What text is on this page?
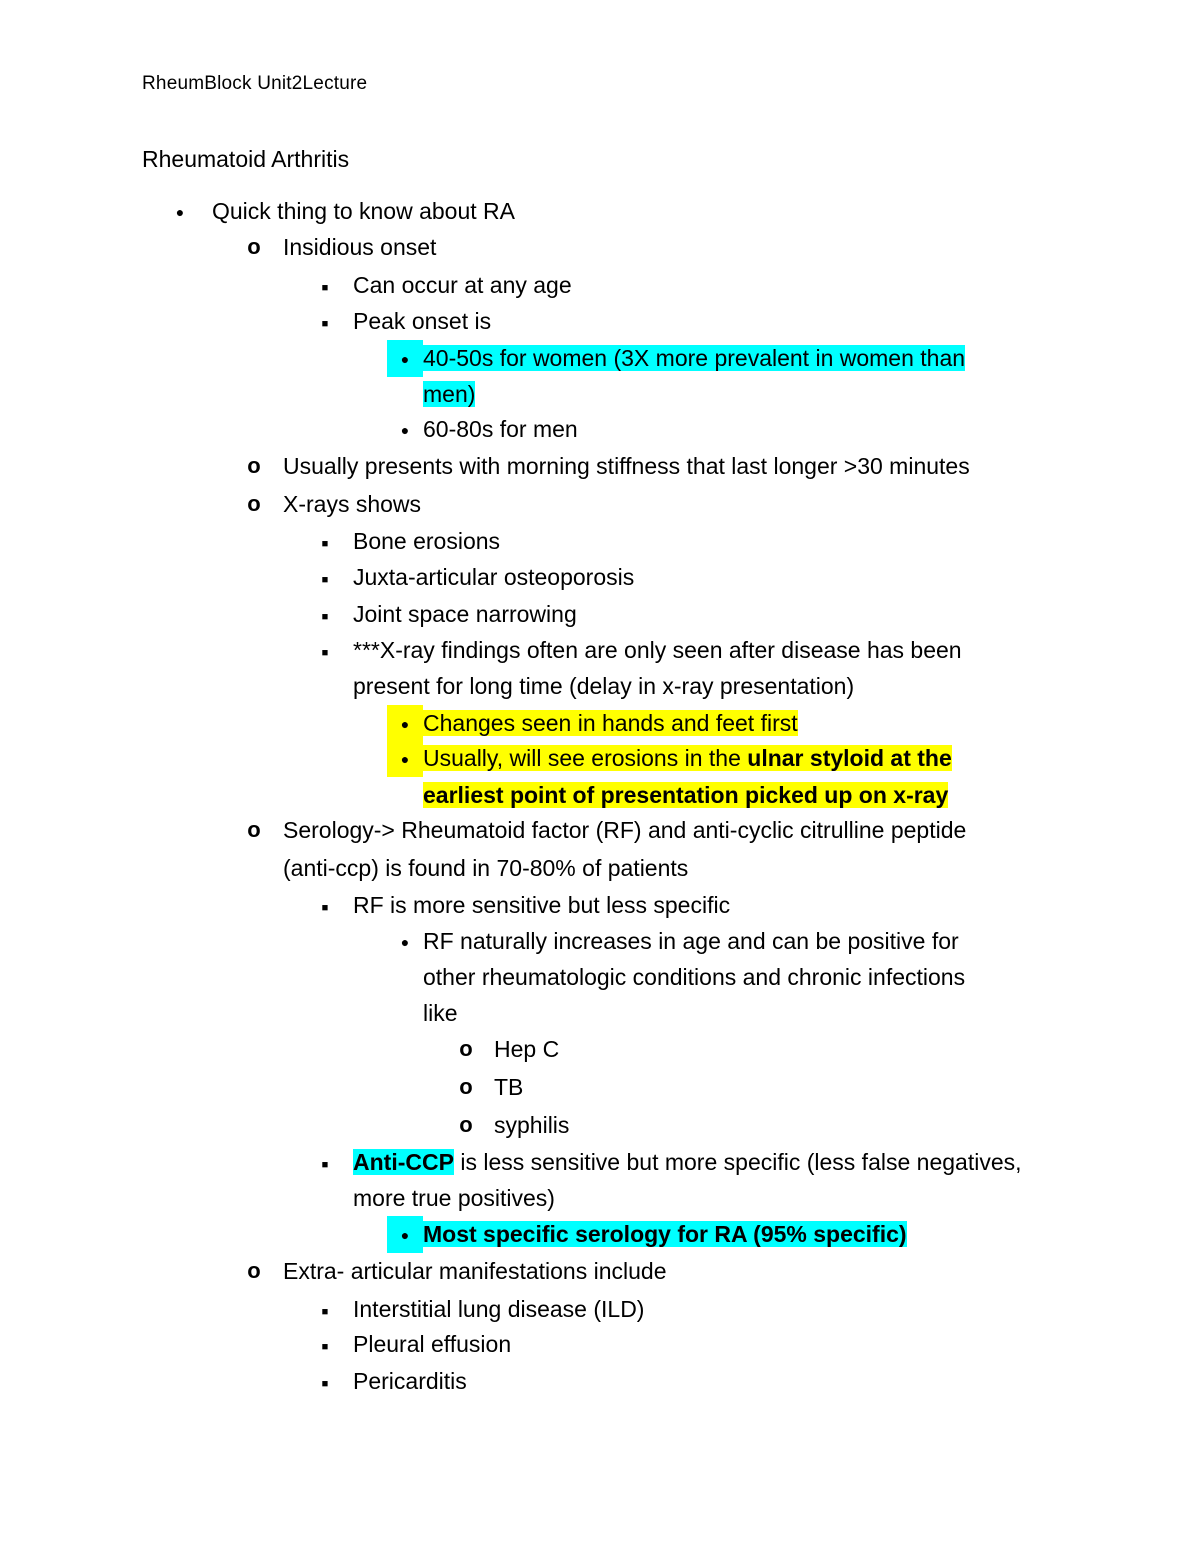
RheumBlock Unit2Lecture
Rheumatoid Arthritis
●
Quick thing to know about RA
o
Insidious onset
■
Can occur at any age
■
Peak onset is
●
40-50s for women (3X more prevalent in women than
men)
●
60-80s for men
o
Usually presents with morning stiffness that last longer >30 minutes
o
X-rays shows
■
Bone erosions
■
Juxta-articular osteoporosis
■
Joint space narrowing
■
***X-ray findings often are only seen after disease has been
present for long time (delay in x-ray presentation)
●
Changes seen in hands and feet first
●
Usually, will see erosions in the ulnar styloid at the
earliest point of presentation picked up on x-ray
o
Serology-> Rheumatoid factor (RF) and anti-cyclic citrulline peptide
(anti-ccp) is found in 70-80% of patients
■
RF is more sensitive but less specific
●
RF naturally increases in age and can be positive for
other rheumatologic conditions and chronic infections
like
o
Hep C
o
TB
o
syphilis
■
Anti-CCP is less sensitive but more specific (less false negatives,
more true positives)
●
Most specific serology for RA (95% specific)
o
Extra- articular manifestations include
■
Interstitial lung disease (ILD)
■
Pleural effusion
■
Pericarditis
